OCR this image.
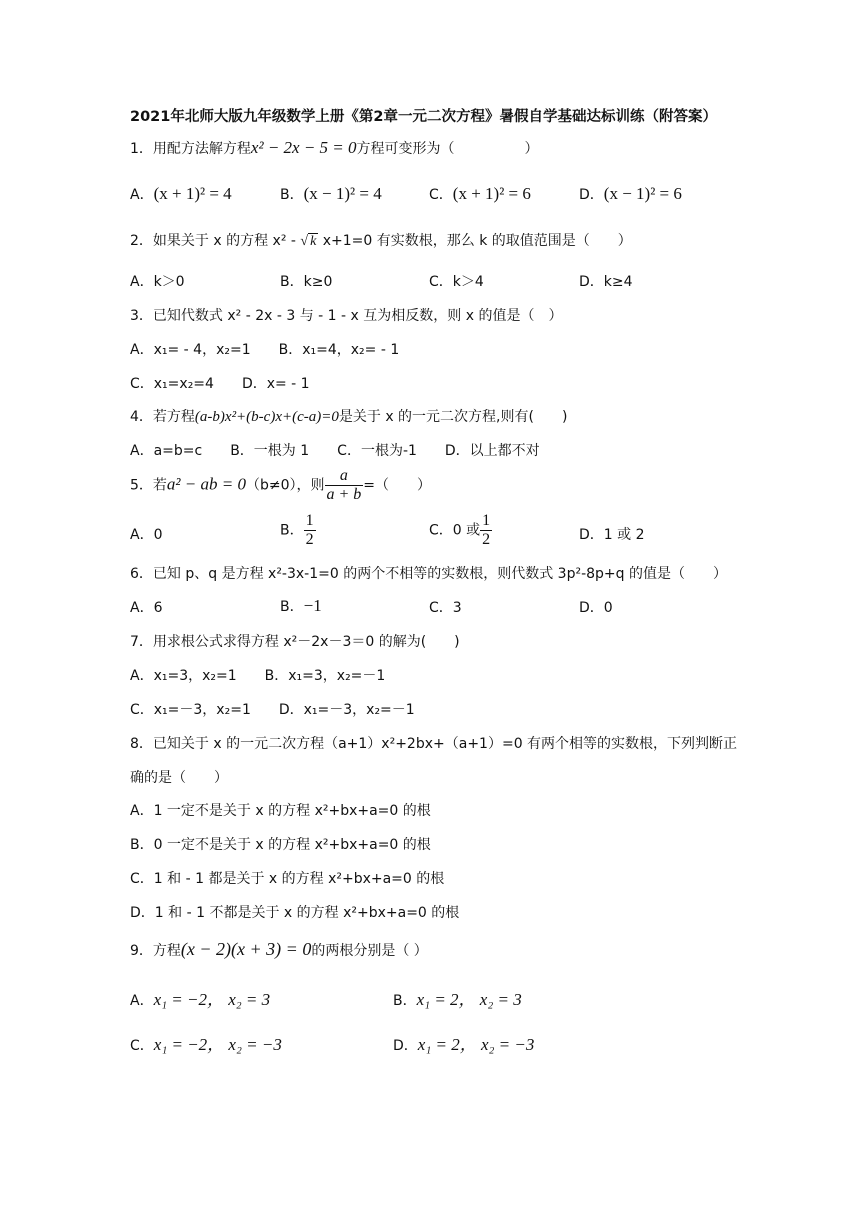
2021年北师大版九年级数学上册《第2章一元二次方程》暑假自学基础达标训练（附答案）
1．用配方法解方程x² − 2x − 5 = 0方程可变形为（　　　　　）
A．(x + 1)² = 4	B．(x − 1)² = 4	C．(x + 1)² = 6	D．(x − 1)² = 6
2．如果关于 x 的方程 x² - √ k x+1=0 有实数根，那么 k 的取值范围是（　　）
A．k＞0	B．k≥0	C．k＞4	D．k≥4
3．已知代数式 x² - 2x - 3 与 - 1 - x 互为相反数，则 x 的值是（　）
A．x₁= - 4，x₂=1　　B．x₁=4，x₂= - 1
C．x₁=x₂=4　　D．x= - 1
4．若方程(a-b)x²+(b-c)x+(c-a)=0是关于 x 的一元二次方程,则有(　　)
A．a=b=c　　B．一根为 1　　C．一根为-1　　D．以上都不对
5．若a² − ab = 0（b≠0），则 $\frac{a}{a + b}$ =（　　）
A．0	B． $\frac{1}{2}$	C．0 或 $\frac{1}{2}$	D．1 或 2
6．已知 p、q 是方程 x²-3x-1=0 的两个不相等的实数根，则代数式 3p²-8p+q 的值是（　　）
A．6	B．−1	C．3	D．0
7．用求根公式求得方程 x²－2x－3＝0 的解为(　　)
A．x₁=3，x₂=1　　B．x₁=3，x₂=－1
C．x₁=－3，x₂=1　　D．x₁=－3，x₂=－1
8．已知关于 x 的一元二次方程（a+1）x²+2bx+（a+1）=0 有两个相等的实数根，下列判断正
确的是（　　）
A．1 一定不是关于 x 的方程 x²+bx+a=0 的根
B．0 一定不是关于 x 的方程 x²+bx+a=0 的根
C．1 和 - 1 都是关于 x 的方程 x²+bx+a=0 的根
D．1 和 - 1 不都是关于 x 的方程 x²+bx+a=0 的根
9．方程(x − 2)(x + 3) = 0的两根分别是（ ）
A．x₁ = −2， x₂ = 3	B．x₁ = 2， x₂ = 3
C．x₁ = −2， x₂ = −3	D．x₁ = 2， x₂ = −3
